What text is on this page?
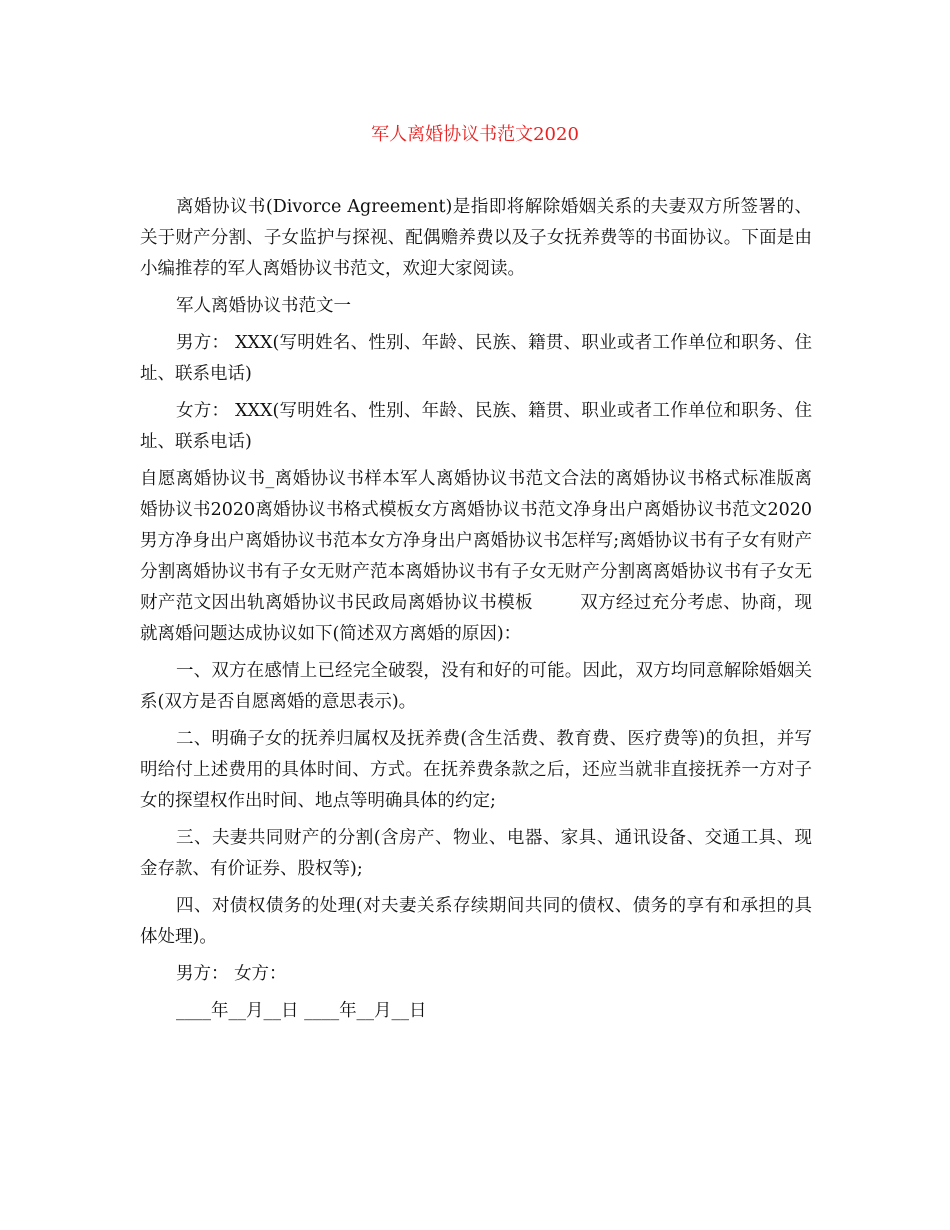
军人离婚协议书范文2020

离婚协议书(Divorce Agreement)是指即将解除婚姻关系的夫妻双方所签署的、关于财产分割、子女监护与探视、配偶赡养费以及子女抚养费等的书面协议。下面是由小编推荐的军人离婚协议书范文，欢迎大家阅读。

军人离婚协议书范文一

男方： XXX(写明姓名、性别、年龄、民族、籍贯、职业或者工作单位和职务、住址、联系电话)

女方： XXX(写明姓名、性别、年龄、民族、籍贯、职业或者工作单位和职务、住址、联系电话)

自愿离婚协议书_离婚协议书样本军人离婚协议书范文合法的离婚协议书格式标准版离婚协议书2020离婚协议书格式模板女方离婚协议书范文净身出户离婚协议书范文2020男方净身出户离婚协议书范本女方净身出户离婚协议书怎样写;离婚协议书有子女有财产分割离婚协议书有子女无财产范本离婚协议书有子女无财产分割离离婚协议书有子女无财产范文因出轨离婚协议书民政局离婚协议书模板        双方经过充分考虑、协商，现就离婚问题达成协议如下(简述双方离婚的原因)：

一、双方在感情上已经完全破裂，没有和好的可能。因此，双方均同意解除婚姻关系(双方是否自愿离婚的意思表示)。

二、明确子女的抚养归属权及抚养费(含生活费、教育费、医疗费等)的负担，并写明给付上述费用的具体时间、方式。在抚养费条款之后，还应当就非直接抚养一方对子女的探望权作出时间、地点等明确具体的约定;

三、夫妻共同财产的分割(含房产、物业、电器、家具、通讯设备、交通工具、现金存款、有价证券、股权等);

四、对债权债务的处理(对夫妻关系存续期间共同的债权、债务的享有和承担的具体处理)。

男方： 女方：

____年__月__日 ____年__月__日
